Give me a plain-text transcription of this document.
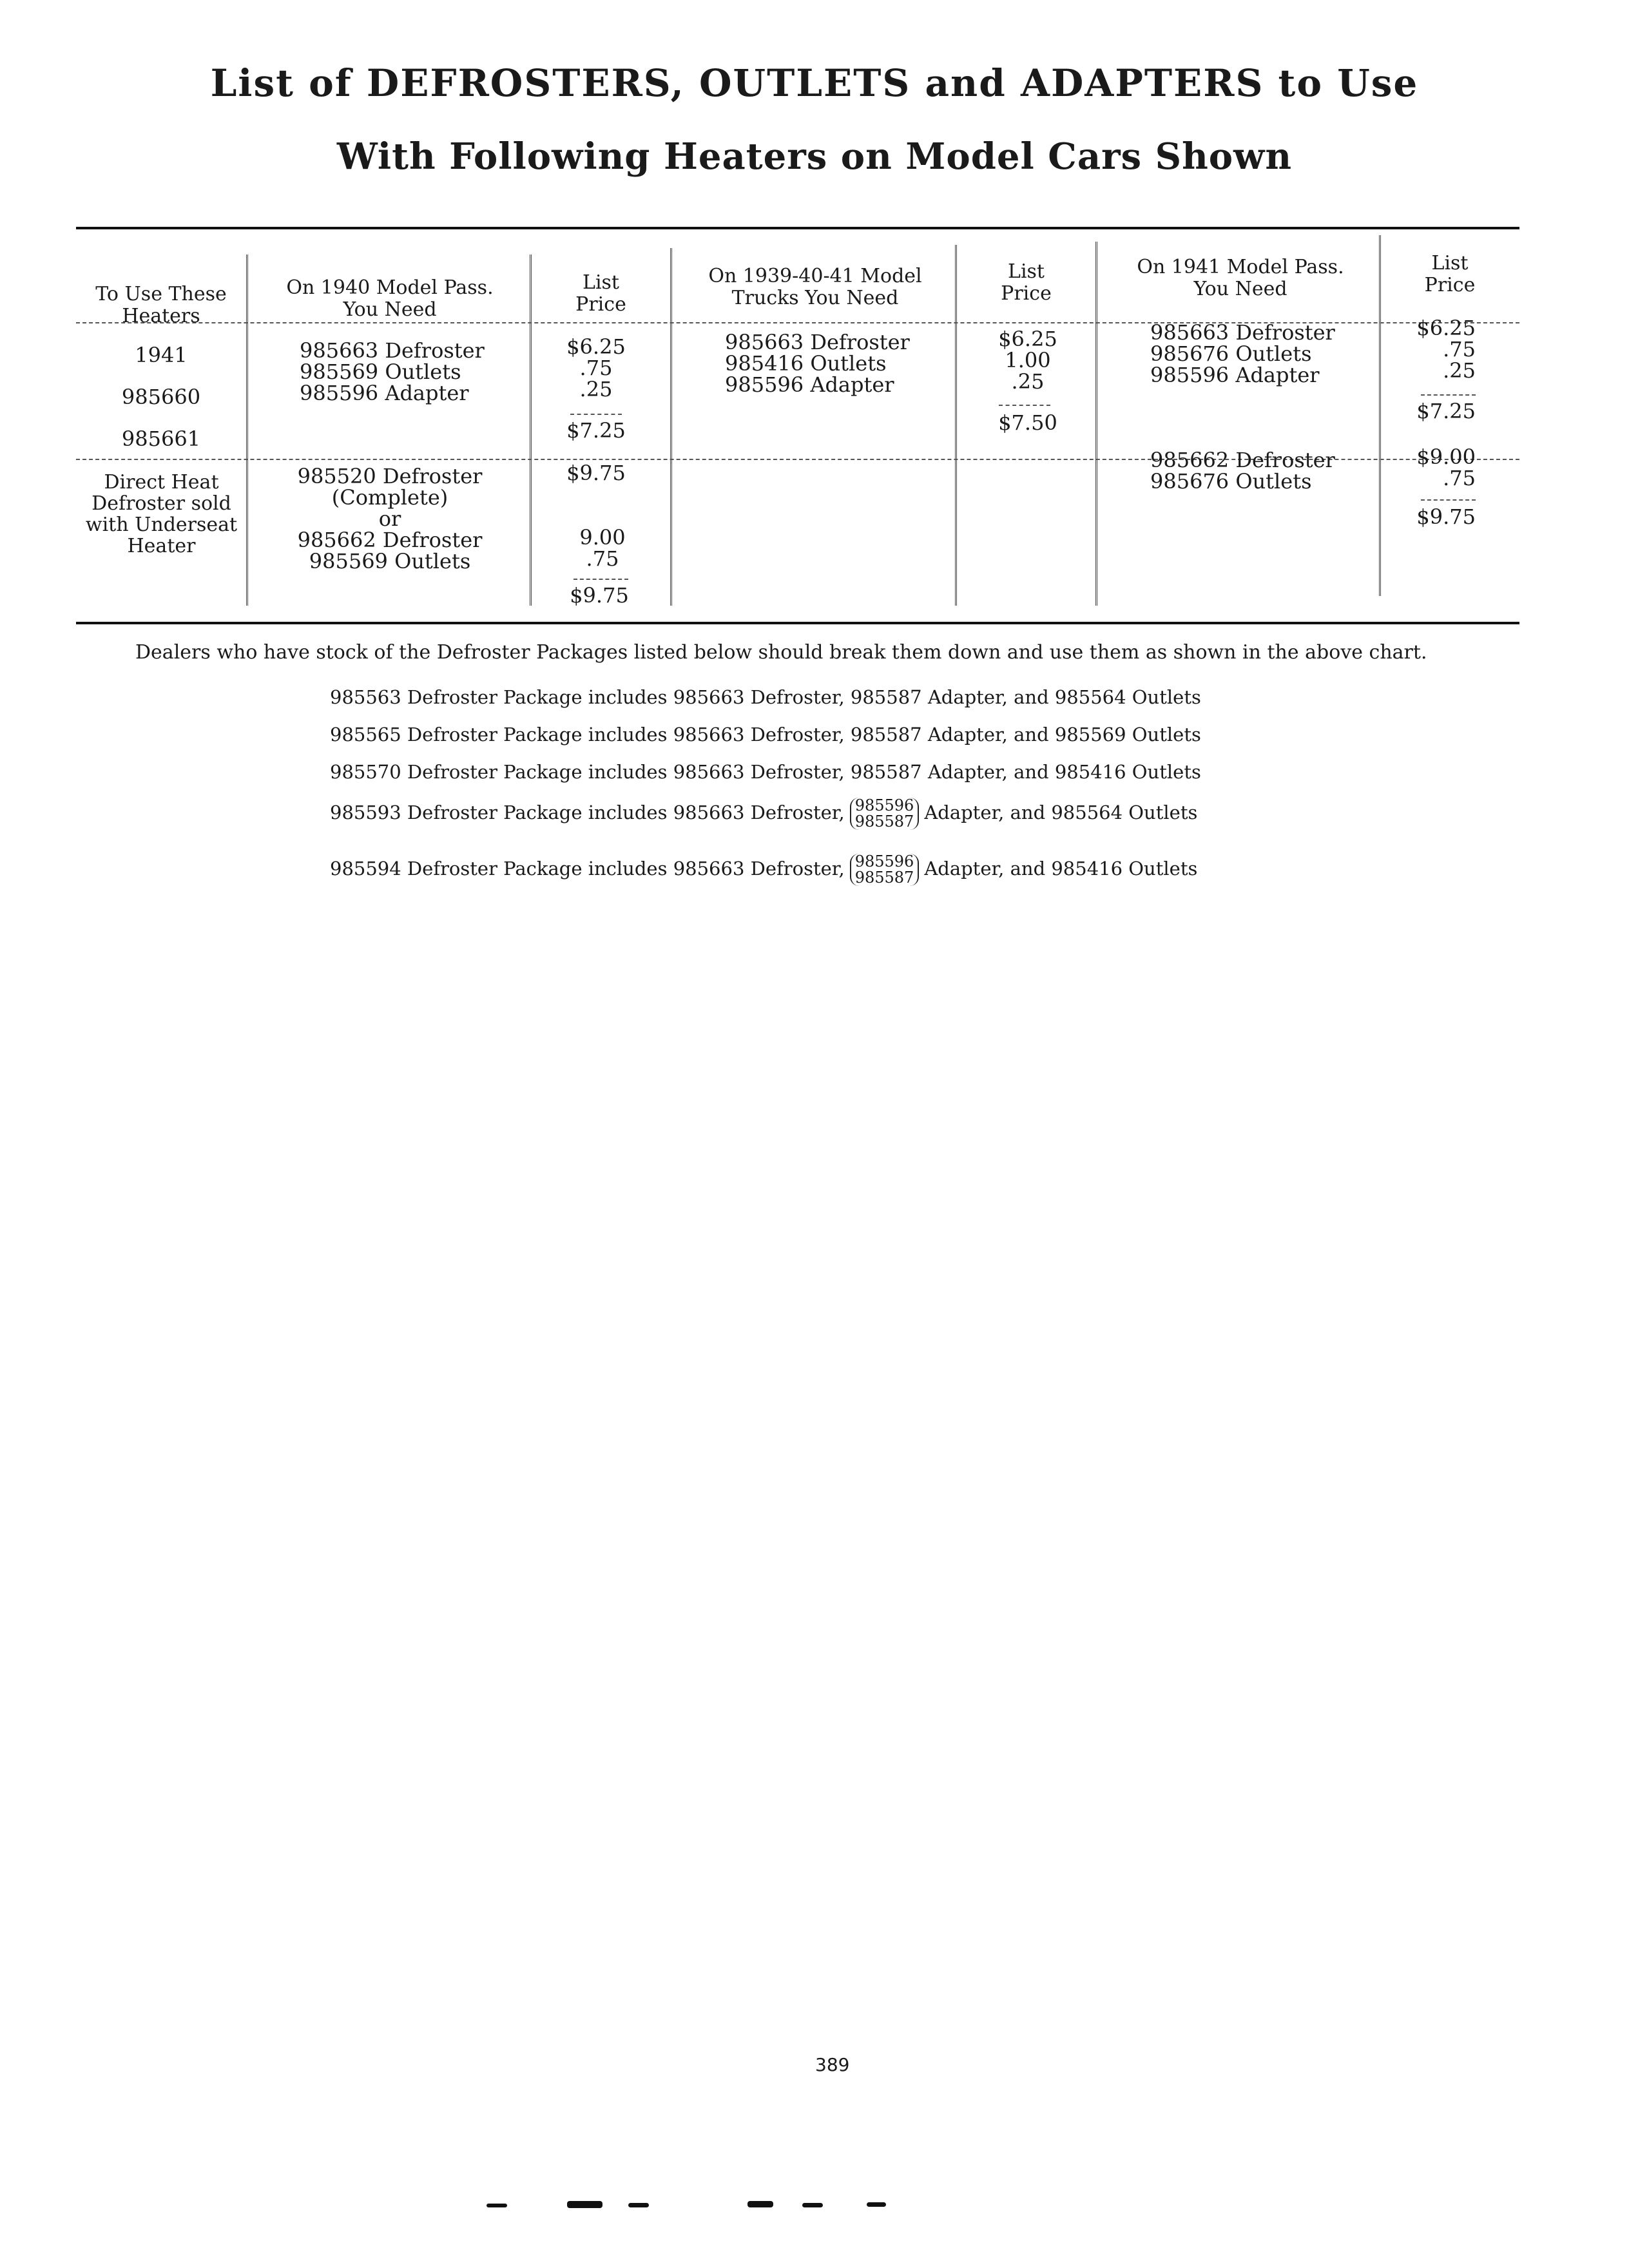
List of DEFROSTERS, OUTLETS and ADAPTERS to Use
With Following Heaters on Model Cars Shown
To Use These
Heaters
On 1940 Model Pass.
You Need
List
Price
On 1939-40-41 Model
Trucks You Need
List
Price
On 1941 Model Pass.
You Need
List
Price
1941
985660
985661
985663 Defroster
985569 Outlets
985596 Adapter
$6.25
.75
.25
$7.25
985663 Defroster
985416 Outlets
985596 Adapter
$6.25
1.00
.25
$7.50
985663 Defroster
985676 Outlets
985596 Adapter
$6.25
.75
.25
$7.25
Direct Heat
Defroster sold
with Underseat
Heater
985520 Defroster
(Complete)
or
985662 Defroster
985569 Outlets
$9.75
9.00
.75
$9.75
985662 Defroster
985676 Outlets
$9.00
.75
$9.75
Dealers who have stock of the Defroster Packages listed below should break them down and use them as shown in the above chart.
985563 Defroster Package includes 985663 Defroster, 985587 Adapter, and 985564 Outlets
985565 Defroster Package includes 985663 Defroster, 985587 Adapter, and 985569 Outlets
985570 Defroster Package includes 985663 Defroster, 985587 Adapter, and 985416 Outlets
985593 Defroster Package includes 985663 Defroster, 985596
985587 Adapter, and 985564 Outlets
985594 Defroster Package includes 985663 Defroster, 985596
985587 Adapter, and 985416 Outlets
389
